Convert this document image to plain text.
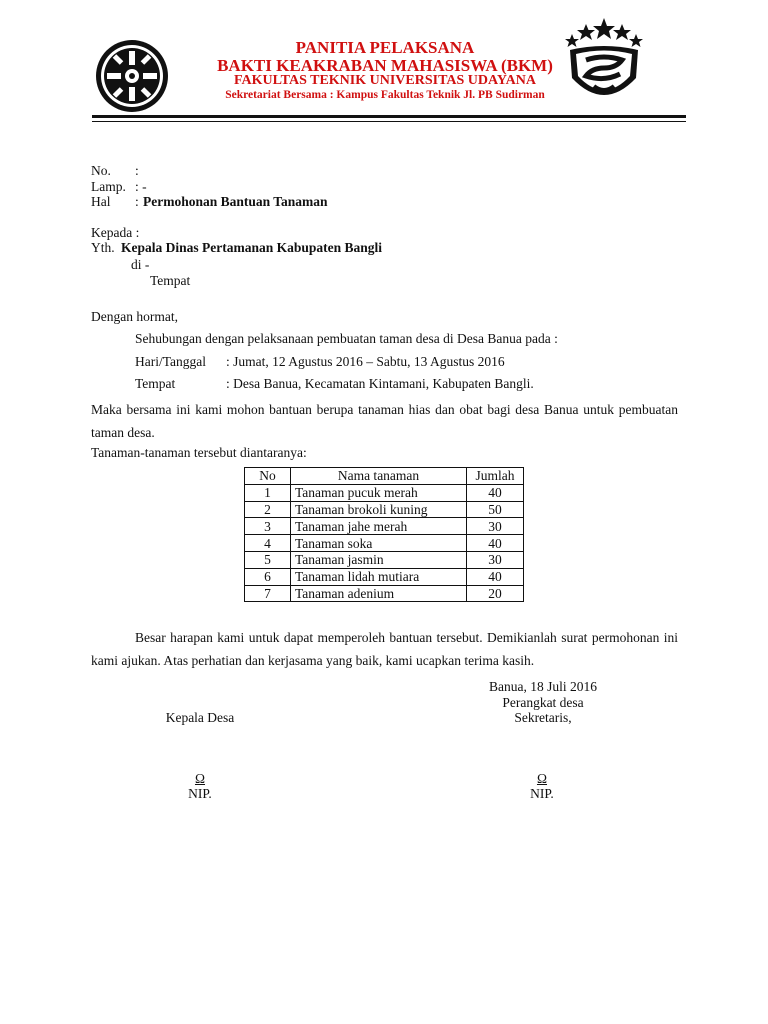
PANITIA PELAKSANA
BAKTI KEAKRABAN MAHASISWA (BKM)
FAKULTAS TEKNIK UNIVERSITAS UDAYANA
Sekretariat Bersama : Kampus Fakultas Teknik Jl. PB Sudirman
No. :
Lamp. : -
Hal : Permohonan Bantuan Tanaman
Kepada :
Yth. Kepala Dinas Pertamanan Kabupaten Bangli
di -
Tempat
Dengan hormat,
Sehubungan dengan pelaksanaan pembuatan taman desa di Desa Banua pada :
Hari/Tanggal : Jumat, 12 Agustus 2016 – Sabtu, 13 Agustus 2016
Tempat	: Desa Banua, Kecamatan Kintamani, Kabupaten Bangli.
Maka bersama ini kami mohon bantuan berupa tanaman hias dan obat bagi desa Banua untuk pembuatan taman desa.
Tanaman-tanaman tersebut diantaranya:
No	Nama tanaman	Jumlah
1	Tanaman pucuk merah	40
2	Tanaman brokoli kuning	50
3	Tanaman jahe merah	30
4	Tanaman soka	40
5	Tanaman jasmin	30
6	Tanaman lidah mutiara	40
7	Tanaman adenium	20
Besar harapan kami untuk dapat memperoleh bantuan tersebut. Demikianlah surat permohonan ini kami ajukan. Atas perhatian dan kerjasama yang baik, kami ucapkan terima kasih.
Banua, 18 Juli 2016
Perangkat desa
Sekretaris,
Kepala Desa
Ω
NIP.
Ω
NIP.
